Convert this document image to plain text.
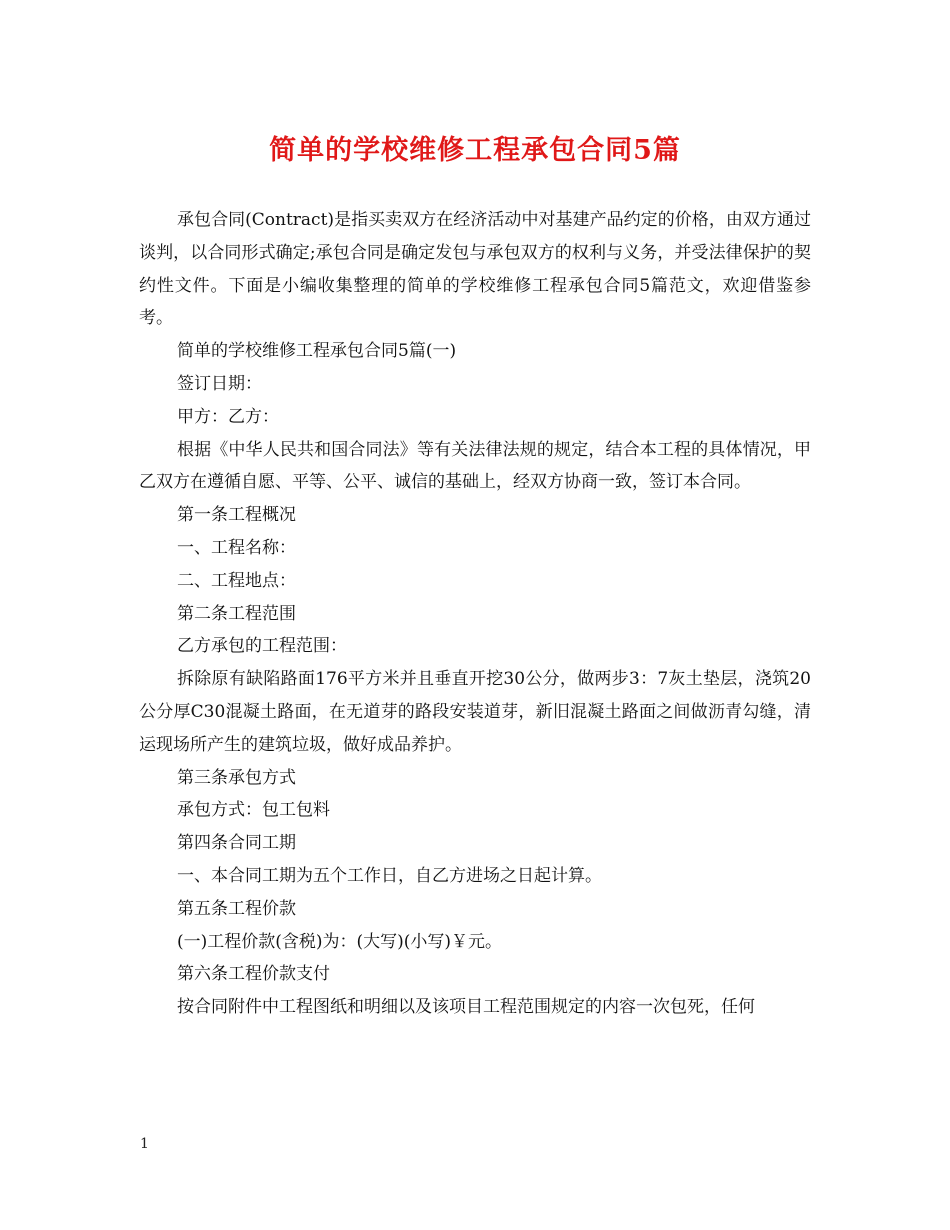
简单的学校维修工程承包合同5篇

承包合同(Contract)是指买卖双方在经济活动中对基建产品约定的价格，由双方通过谈判，以合同形式确定;承包合同是确定发包与承包双方的权利与义务，并受法律保护的契约性文件。下面是小编收集整理的简单的学校维修工程承包合同5篇范文，欢迎借鉴参考。

简单的学校维修工程承包合同5篇(一)

签订日期：

甲方：乙方：

根据《中华人民共和国合同法》等有关法律法规的规定，结合本工程的具体情况，甲乙双方在遵循自愿、平等、公平、诚信的基础上，经双方协商一致，签订本合同。

第一条工程概况

一、工程名称：

二、工程地点：

第二条工程范围

乙方承包的工程范围：

拆除原有缺陷路面176平方米并且垂直开挖30公分，做两步3：7灰土垫层，浇筑20公分厚C30混凝土路面，在无道芽的路段安装道芽，新旧混凝土路面之间做沥青勾缝，清运现场所产生的建筑垃圾，做好成品养护。

第三条承包方式

承包方式：包工包料

第四条合同工期

一、本合同工期为五个工作日，自乙方进场之日起计算。

第五条工程价款

(一)工程价款(含税)为：(大写)(小写)￥元。

第六条工程价款支付

按合同附件中工程图纸和明细以及该项目工程范围规定的内容一次包死，任何

1
